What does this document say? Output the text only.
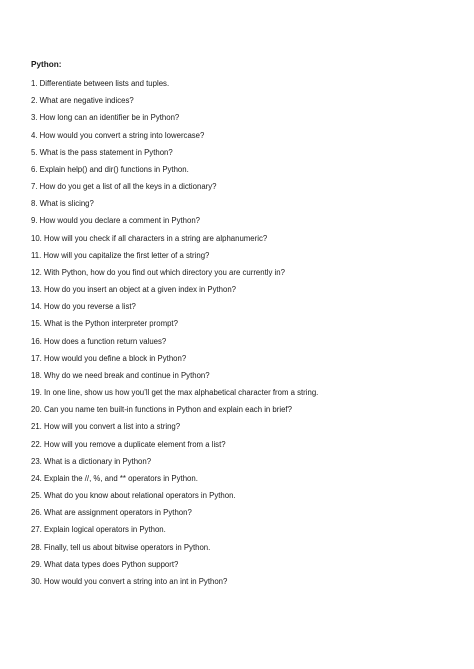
Python:
1. Differentiate between lists and tuples.
2. What are negative indices?
3. How long can an identifier be in Python?
4. How would you convert a string into lowercase?
5. What is the pass statement in Python?
6. Explain help() and dir() functions in Python.
7. How do you get a list of all the keys in a dictionary?
8. What is slicing?
9. How would you declare a comment in Python?
10. How will you check if all characters in a string are alphanumeric?
11. How will you capitalize the first letter of a string?
12. With Python, how do you find out which directory you are currently in?
13. How do you insert an object at a given index in Python?
14. How do you reverse a list?
15. What is the Python interpreter prompt?
16. How does a function return values?
17. How would you define a block in Python?
18. Why do we need break and continue in Python?
19. In one line, show us how you’ll get the max alphabetical character from a string.
20. Can you name ten built-in functions in Python and explain each in brief?
21. How will you convert a list into a string?
22. How will you remove a duplicate element from a list?
23. What is a dictionary in Python?
24. Explain the //, %, and ** operators in Python.
25. What do you know about relational operators in Python.
26. What are assignment operators in Python?
27. Explain logical operators in Python.
28. Finally, tell us about bitwise operators in Python.
29. What data types does Python support?
30. How would you convert a string into an int in Python?
